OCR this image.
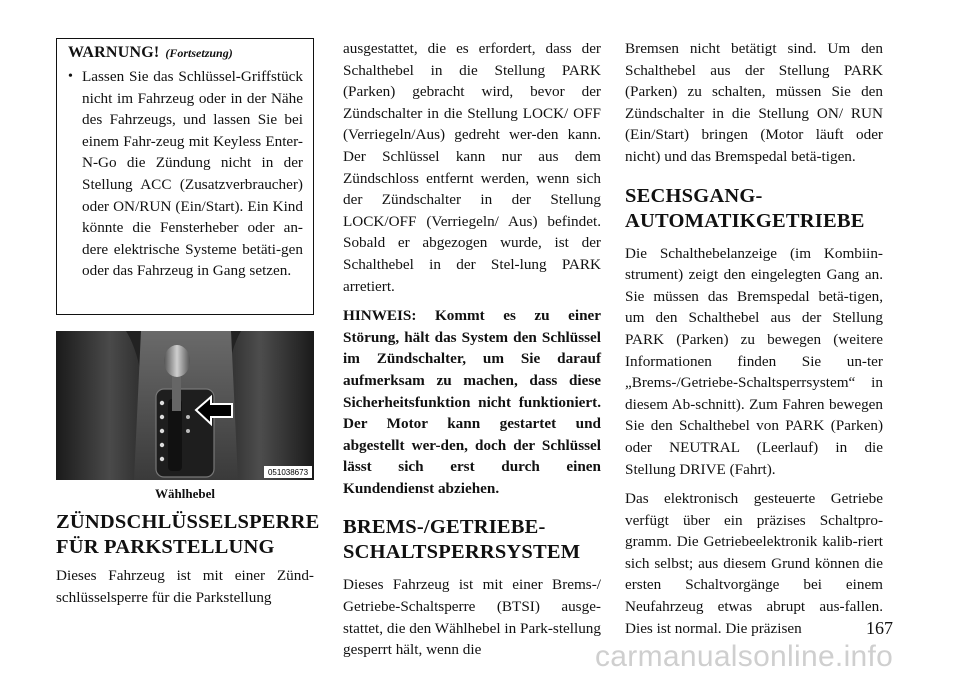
WARNUNG! (Fortsetzung)
• Lassen Sie das Schlüssel-Griffstück nicht im Fahrzeug oder in der Nähe des Fahrzeugs, und lassen Sie bei einem Fahr-zeug mit Keyless Enter-N-Go die Zündung nicht in der Stellung ACC (Zusatzverbraucher) oder ON/RUN (Ein/Start). Ein Kind könnte die Fensterheber oder an-dere elektrische Systeme betäti-gen oder das Fahrzeug in Gang setzen.

051038673
Wählhebel
ZÜNDSCHLÜSSELSPERRE
FÜR PARKSTELLUNG

Dieses Fahrzeug ist mit einer Zünd-schlüsselsperre für die Parkstellung

ausgestattet, die es erfordert, dass der Schalthebel in die Stellung PARK (Parken) gebracht wird, bevor der Zündschalter in die Stellung LOCK/ OFF (Verriegeln/Aus) gedreht wer-den kann. Der Schlüssel kann nur aus dem Zündschloss entfernt werden, wenn sich der Zündschalter in der Stellung LOCK/OFF (Verriegeln/ Aus) befindet. Sobald er abgezogen wurde, ist der Schalthebel in der Stel-lung PARK arretiert.

HINWEIS: Kommt es zu einer Störung, hält das System den Schlüssel im Zündschalter, um Sie darauf aufmerksam zu machen, dass diese Sicherheitsfunktion nicht funktioniert. Der Motor kann gestartet und abgestellt wer-den, doch der Schlüssel lässt sich erst durch einen Kundendienst abziehen.

BREMS-/GETRIEBE-
SCHALTSPERRSYSTEM

Dieses Fahrzeug ist mit einer Brems-/ Getriebe-Schaltsperre (BTSI) ausge-stattet, die den Wählhebel in Park-stellung gesperrt hält, wenn die

Bremsen nicht betätigt sind. Um den Schalthebel aus der Stellung PARK (Parken) zu schalten, müssen Sie den Zündschalter in die Stellung ON/ RUN (Ein/Start) bringen (Motor läuft oder nicht) und das Bremspedal betä-tigen.

SECHSGANG-
AUTOMATIKGETRIEBE

Die Schalthebelanzeige (im Kombiin-strument) zeigt den eingelegten Gang an. Sie müssen das Bremspedal betä-tigen, um den Schalthebel aus der Stellung PARK (Parken) zu bewegen (weitere Informationen finden Sie un-ter „Brems-/Getriebe-Schaltsperrsystem“ in diesem Ab-schnitt). Zum Fahren bewegen Sie den Schalthebel von PARK (Parken) oder NEUTRAL (Leerlauf) in die Stellung DRIVE (Fahrt).

Das elektronisch gesteuerte Getriebe verfügt über ein präzises Schaltpro-gramm. Die Getriebeelektronik kalib-riert sich selbst; aus diesem Grund können die ersten Schaltvorgänge bei einem Neufahrzeug etwas abrupt aus-fallen. Dies ist normal. Die präzisen	167
carmanualsonline.info
